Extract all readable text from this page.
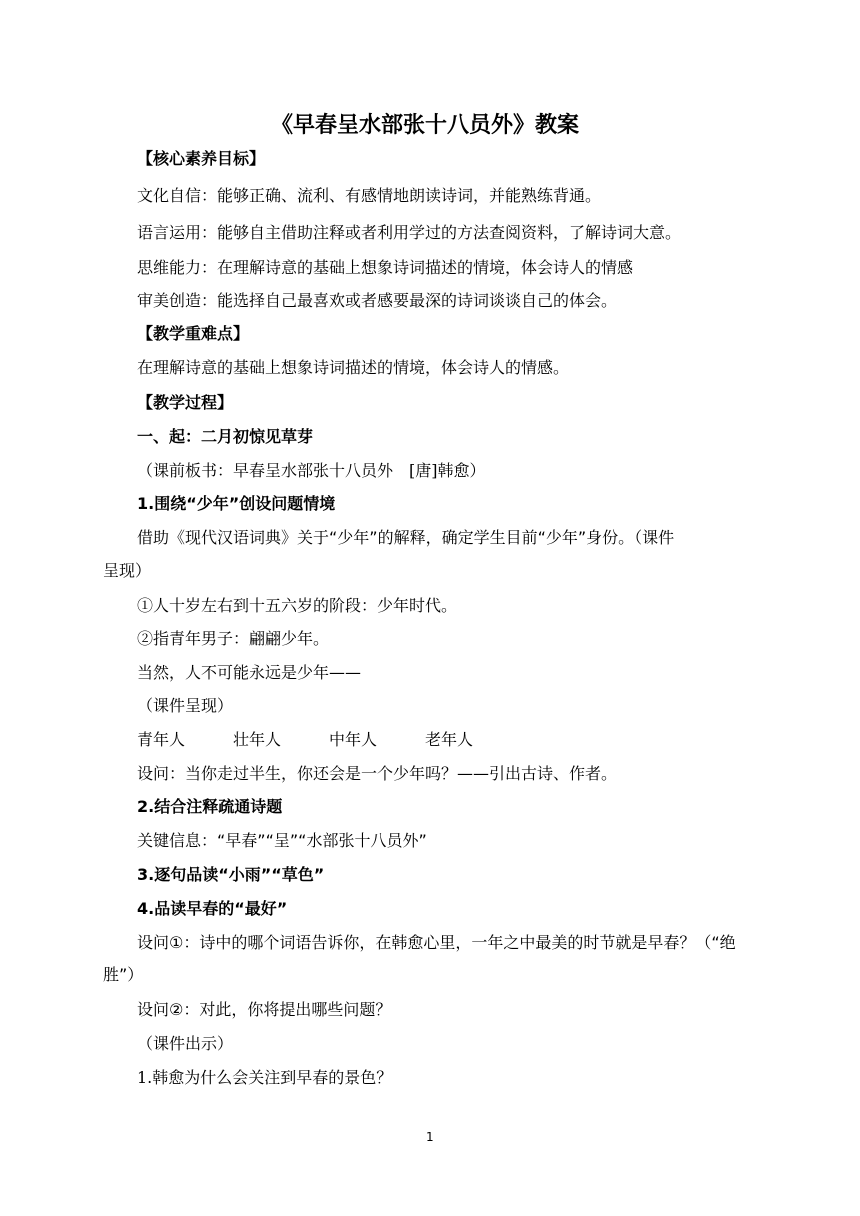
《早春呈水部张十八员外》教案

【核心素养目标】

文化自信：能够正确、流利、有感情地朗读诗词，并能熟练背通。

语言运用：能够自主借助注释或者利用学过的方法查阅资料，了解诗词大意。

思维能力：在理解诗意的基础上想象诗词描述的情境，体会诗人的情感

审美创造：能选择自己最喜欢或者感要最深的诗词谈谈自己的体会。

【教学重难点】

在理解诗意的基础上想象诗词描述的情境，体会诗人的情感。

【教学过程】

一、起：二月初惊见草芽

（课前板书：早春呈水部张十八员外　[唐]韩愈）

1.围绕“少年”创设问题情境

借助《现代汉语词典》关于“少年”的解释，确定学生目前“少年”身份。（课件

呈现）

①人十岁左右到十五六岁的阶段：少年时代。

②指青年男子：翩翩少年。

当然，人不可能永远是少年——

（课件呈现）

青年人　　　壮年人　　　中年人　　　老年人

设问：当你走过半生，你还会是一个少年吗？——引出古诗、作者。

2.结合注释疏通诗题

关键信息：“早春”“呈”“水部张十八员外”

3.逐句品读“小雨”“草色”

4.品读早春的“最好”

设问①：诗中的哪个词语告诉你，在韩愈心里，一年之中最美的时节就是早春？（“绝

胜”）

设问②：对此，你将提出哪些问题？

（课件出示）

1.韩愈为什么会关注到早春的景色？

1
